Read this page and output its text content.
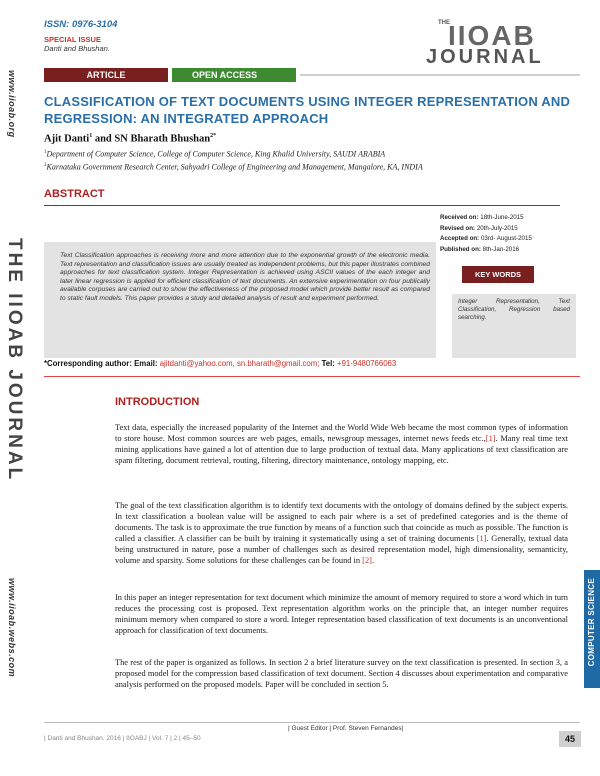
www.iioab.org
THE IIOAB JOURNAL
www.iioab.webs.com	COMPUTER SCIENCE
ISSN: 0976-3104
SPECIAL ISSUE
Danti and Bhushan.
THE
IIOAB
JOURNAL
ARTICLE	OPEN ACCESS
CLASSIFICATION OF TEXT DOCUMENTS USING INTEGER REPRESENTATION AND REGRESSION: AN INTEGRATED APPROACH
Ajit Danti$^1$ and SN Bharath Bhushan$^{2*}$
$^1$Department of Computer Science, College of Computer Science, King Khalid University, SAUDI ARABIA
$^2$Karnataka Government Research Center, Sahyadri College of Engineering and Management, Mangalore, KA, INDIA
ABSTRACT
Received on: 18th-June-2015
Revised on: 20th-July-2015
Accepted on: 03rd- August-2015
Published on: 8th-Jan-2016
Text Classification approaches is receiving more and more attention due to the exponential growth of the electronic media. Text representation and classification issues are usually treated as independent problems, but this paper illustrates combined approaches for text classification system. Integer Representation is achieved using ASCII values of the each integer and later linear regression is applied for efficient classification of text documents. An extensive experimentation on four publically available corpuses are carried out to show the effectiveness of the proposed model which provide better result as compared to static fault models. This paper provides a study and detailed analysis of result and experiment performed.
KEY WORDS
Integer Representation, Text Classification, Regression based searching.
*Corresponding author: Email: ajitdanti@yahoo.com, sn.bharath@gmail.com; Tel: +91-9480766063
INTRODUCTION
Text data, especially the increased popularity of the Internet and the World Wide Web became the most common types of information to store house. Most common sources are web pages, emails, newsgroup messages, internet news feeds etc.,[1]. Many real time text mining applications have gained a lot of attention due to large production of textual data. Many applications of text classification are spam filtering, document retrieval, routing, filtering, directory maintenance, ontology mapping, etc.
The goal of the text classification algorithm is to identify text documents with the ontology of domains defined by the subject experts. In text classification a boolean value will be assigned to each pair where is a set of predefined categories and is the theme of documents. The task is to approximate the true function by means of a function such that coincide as much as possible. The function is called a classifier. A classifier can be built by training it systematically using a set of training documents [1]. Generally, textual data being unstructured in nature, pose a number of challenges such as desired representation model, high dimensionality, semanticity, volume and sparsity. Some solutions for these challenges can be found in [2].
In this paper an integer representation for text document which minimize the amount of memory required to store a word which in turn reduces the processing cost is proposed. Text representation algorithm works on the principle that, an integer number requires minimum memory when compared to store a word. Integer representation based classification of text documents is an unconventional approach for classification of text documents.
The rest of the paper is organized as follows. In section 2 a brief literature survey on the text classification is presented. In section 3, a proposed model for the compression based classification of text document. Section 4 discusses about experimentation and comparative analysis performed on the proposed models. Paper will be concluded in section 5.
| Guest Editor | Prof. Steven Fernandes|
| Danti and Bhushan. 2016 | IIOABJ | Vol. 7 | 2 | 45–50	45
